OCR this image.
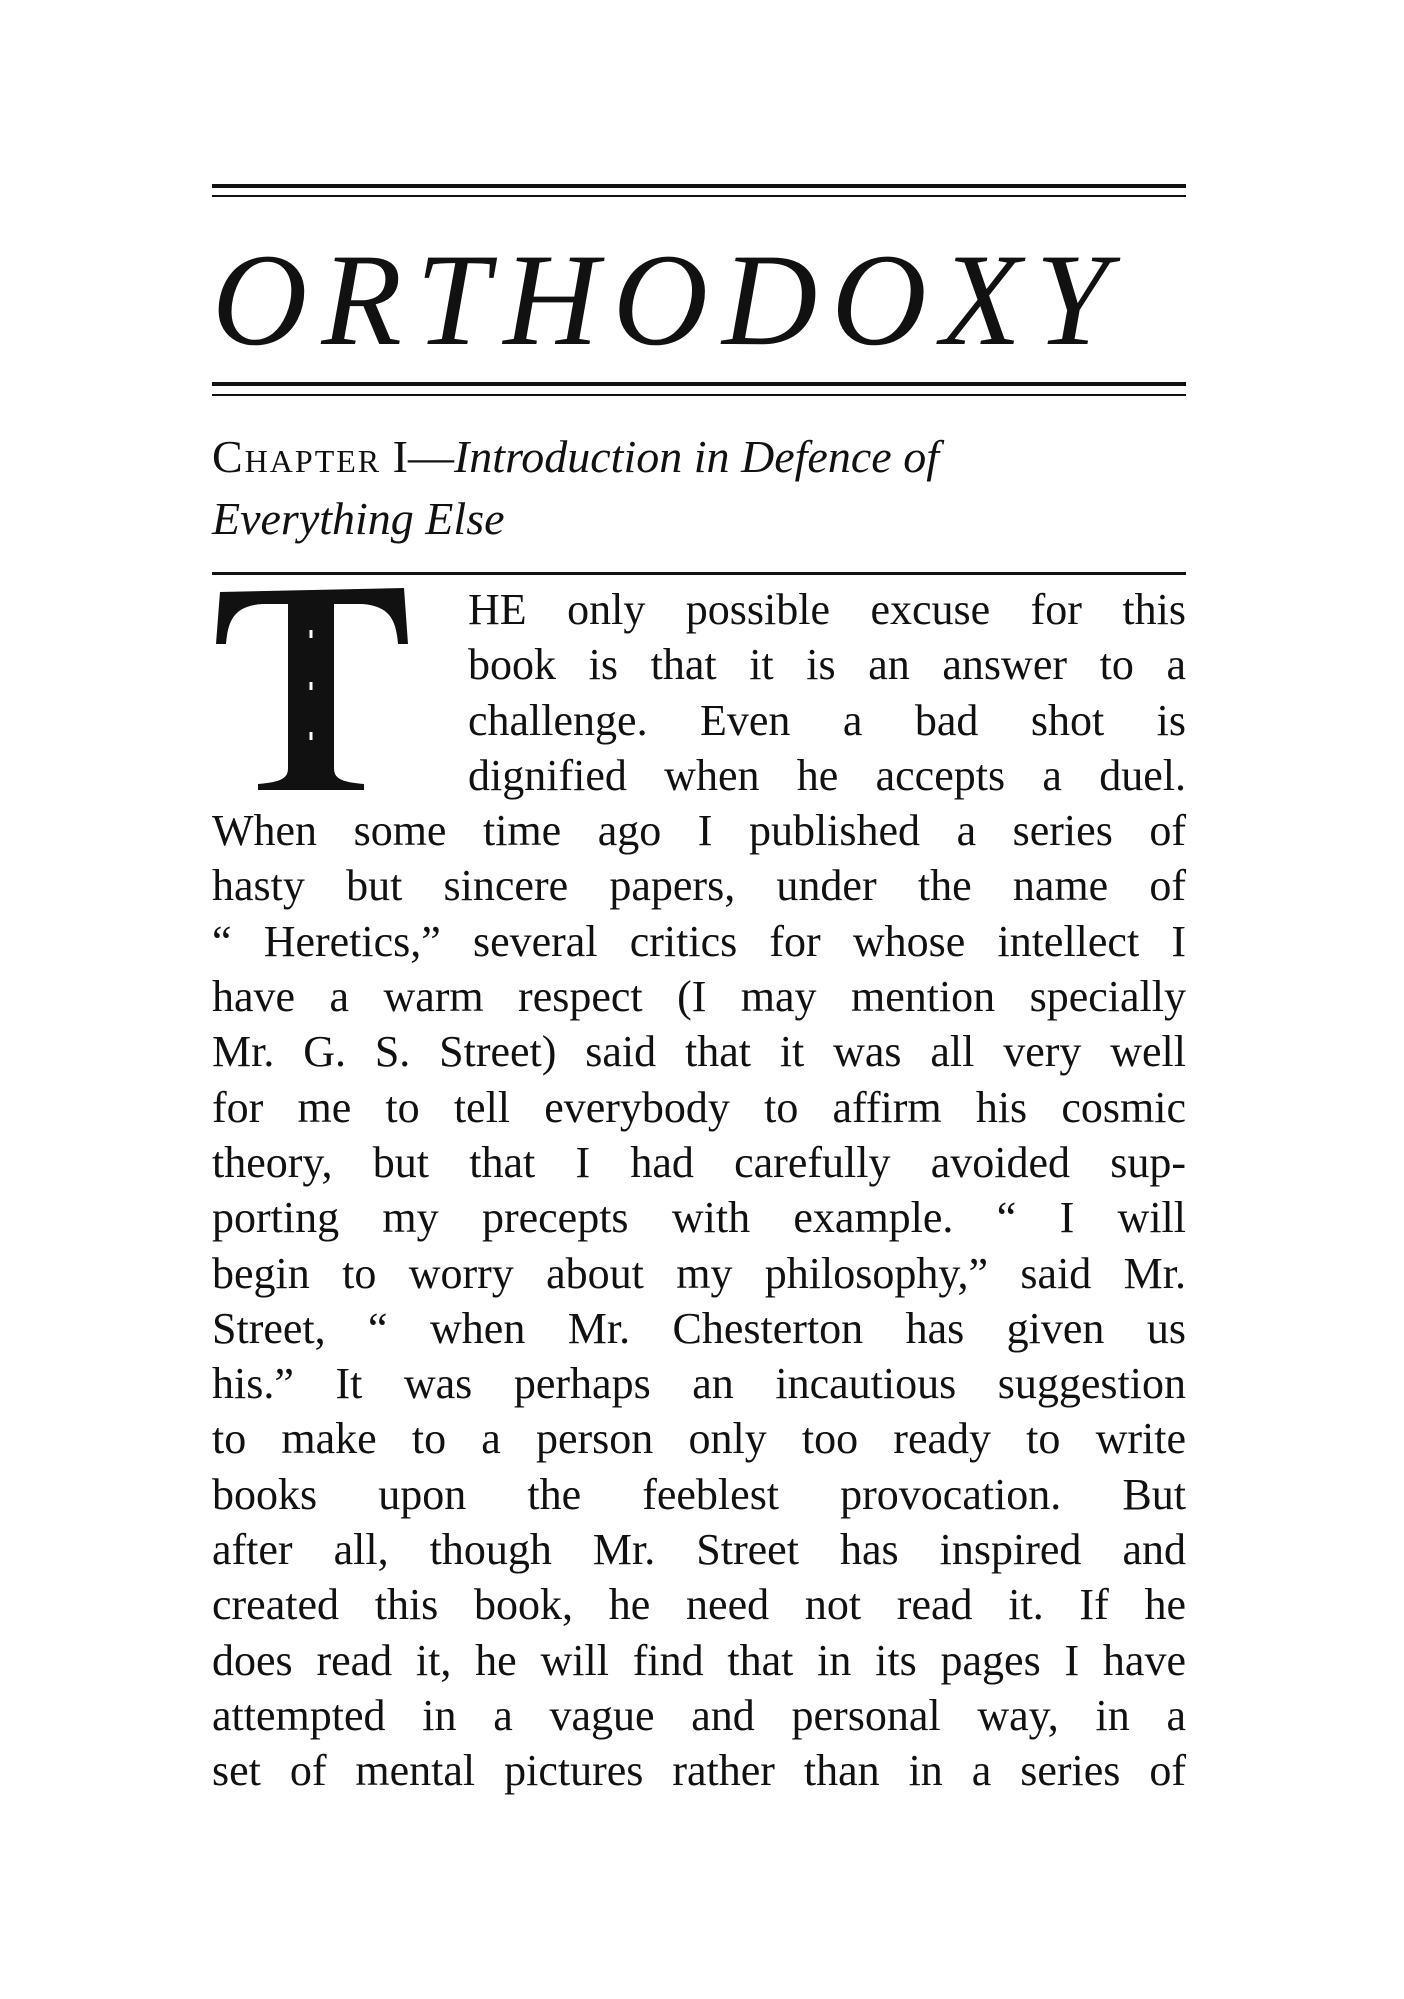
ORTHODOXY
Chapter I—Introduction in Defence of
Everything Else
HE only possible excuse for this
book is that it is an answer to a
challenge. Even a bad shot is
dignified when he accepts a duel.
When some time ago I published a series of
hasty but sincere papers, under the name of
“ Heretics,” several critics for whose intellect I
have a warm respect (I may mention specially
Mr. G. S. Street) said that it was all very well
for me to tell everybody to affirm his cosmic
theory, but that I had carefully avoided sup-
porting my precepts with example. “ I will
begin to worry about my philosophy,” said Mr.
Street, “ when Mr. Chesterton has given us
his.” It was perhaps an incautious suggestion
to make to a person only too ready to write
books upon the feeblest provocation. But
after all, though Mr. Street has inspired and
created this book, he need not read it. If he
does read it, he will find that in its pages I have
attempted in a vague and personal way, in a
set of mental pictures rather than in a series of
